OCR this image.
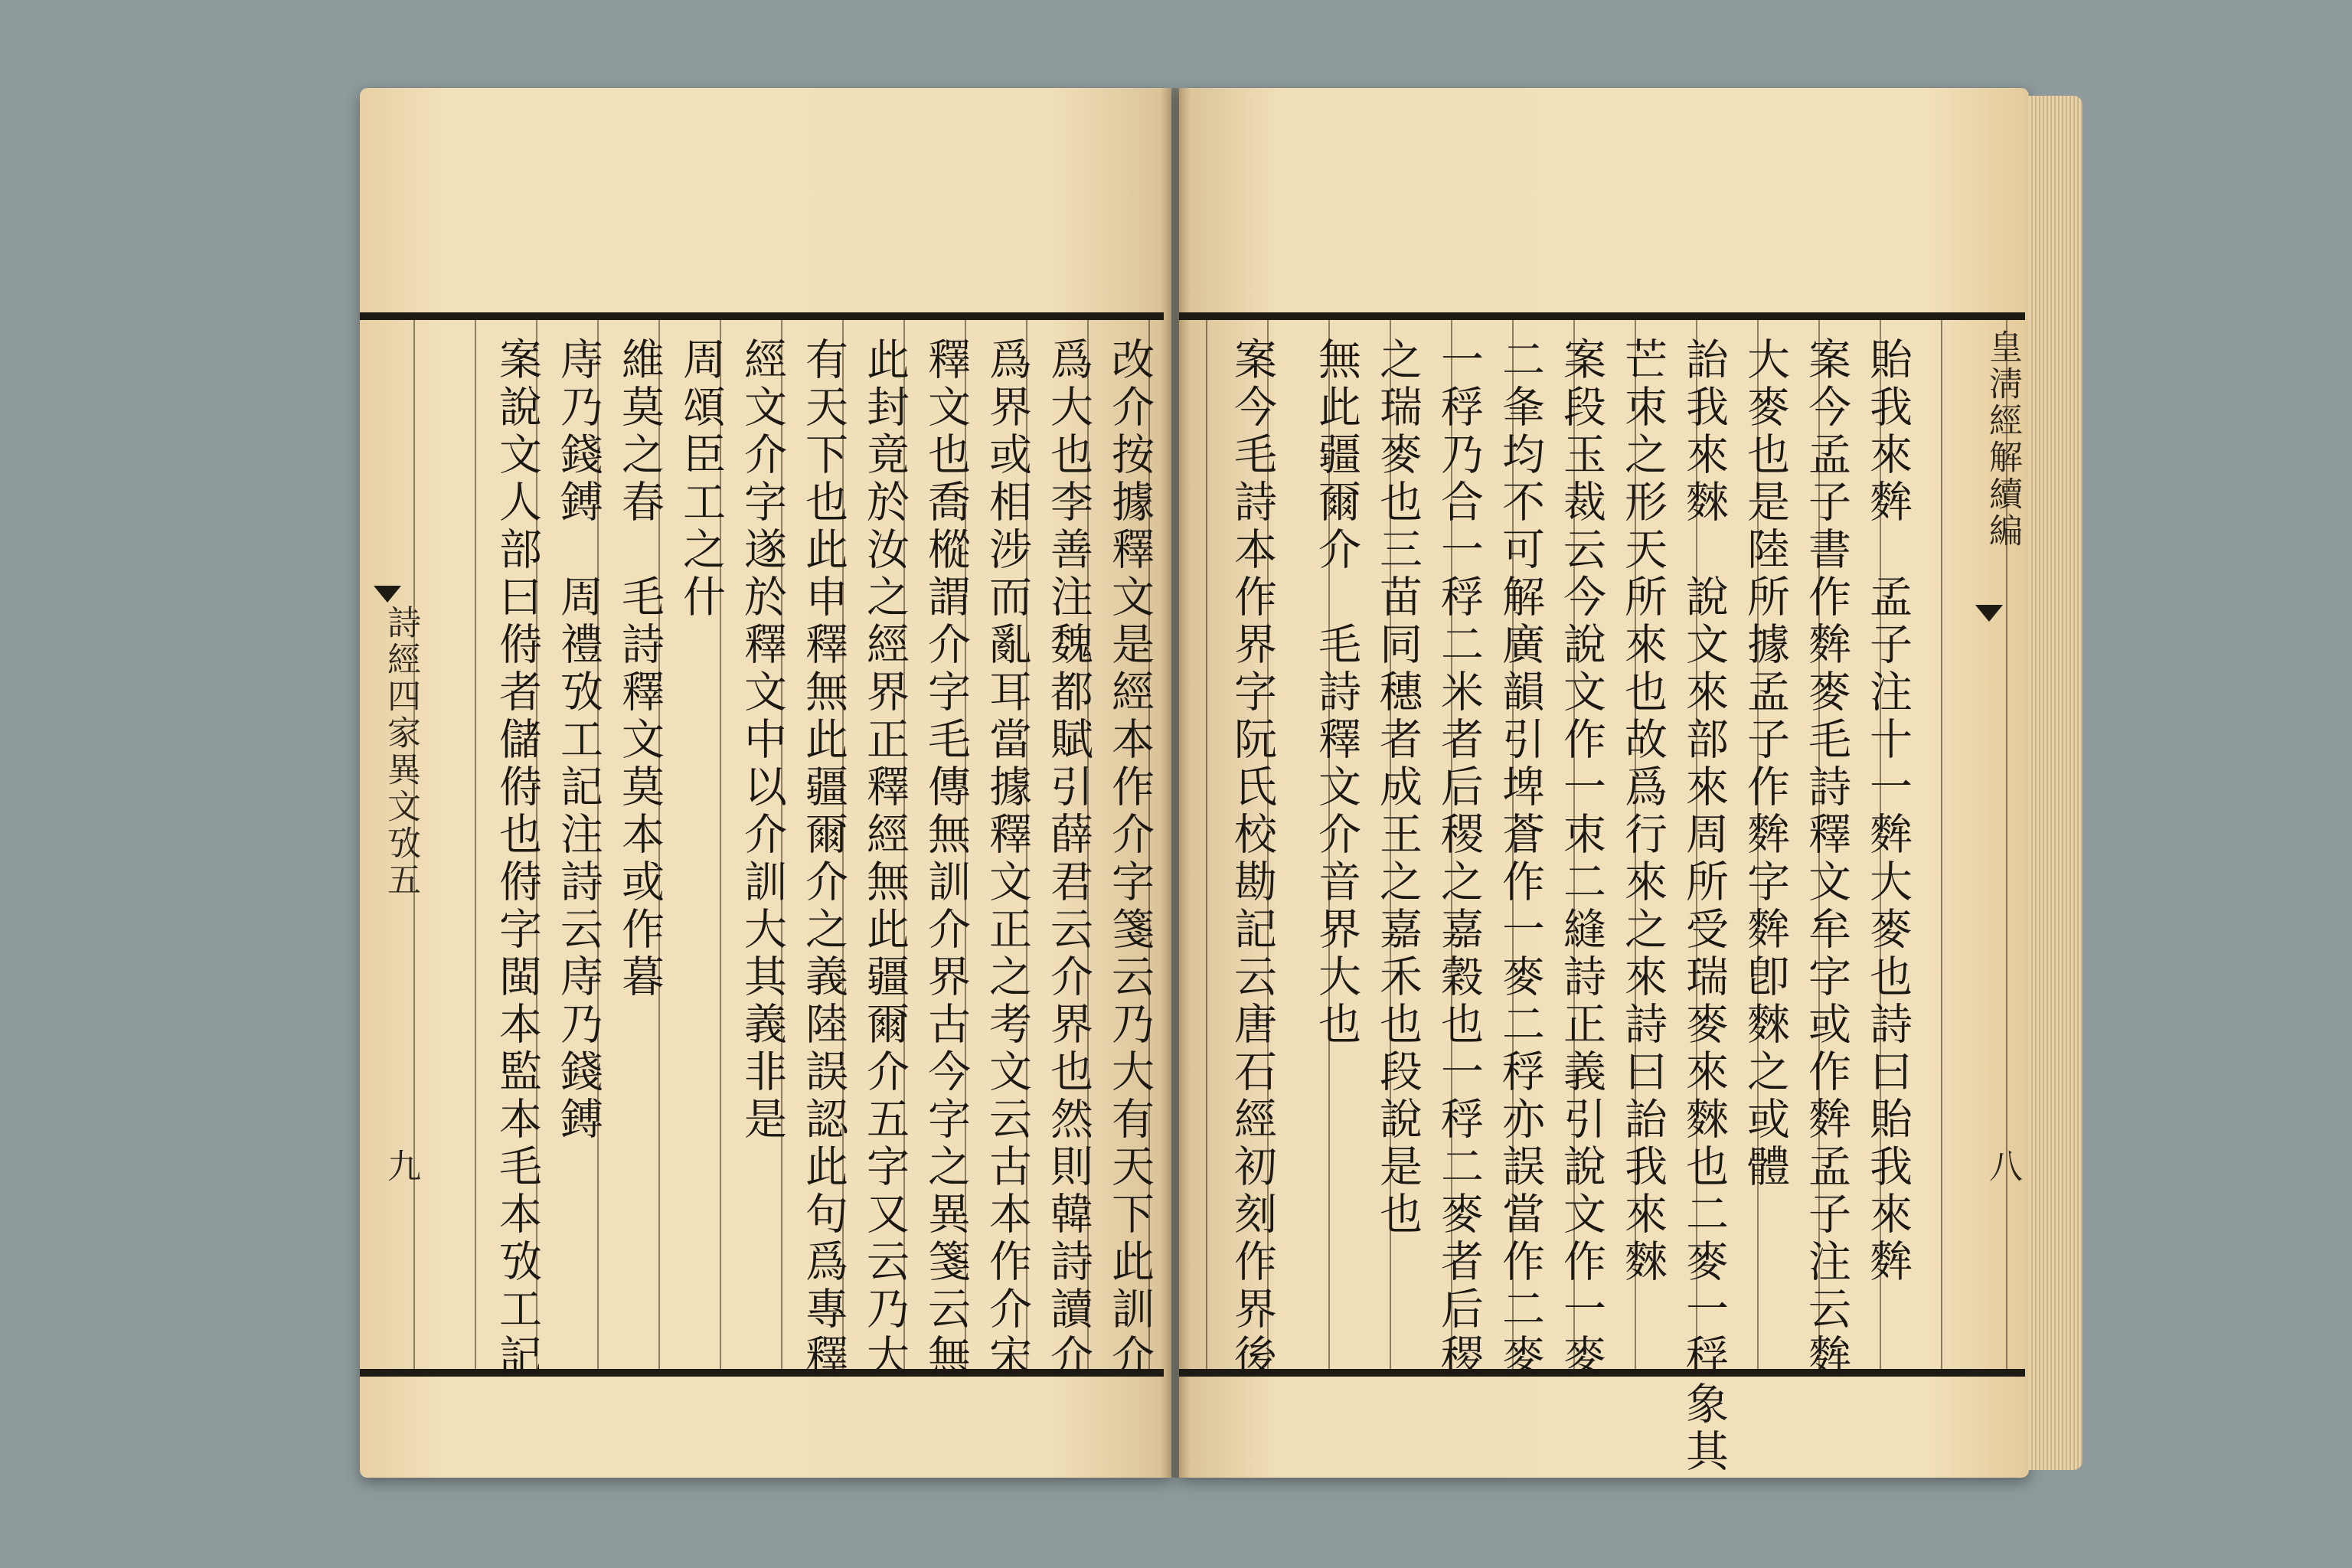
皇淸經解續編
八
貽我來麰　孟子注十一麰大麥也詩曰貽我來麰
案今孟子書作麰麥毛詩釋文牟字或作麰孟子注云麰
大麥也是陸所據孟子作麰字麰卽麳之或體
詒我來麳　說文來部來周所受瑞麥來麳也二麥一稃象其
芒朿之形天所來也故爲行來之來詩曰詒我來麳
案段玉裁云今說文作一朿二縫詩正義引說文作一麥
二夆均不可解廣韻引埤蒼作一麥二稃亦誤當作二麥
一稃乃合一稃二米者后稷之嘉穀也一稃二麥者后稷
之瑞麥也三苗同穗者成王之嘉禾也段說是也
無此疆爾介　毛詩釋文介音界大也
案今毛詩本作界字阮氏校勘記云唐石經初刻作界後
改介按據釋文是經本作介字箋云乃大有天下此訓介
爲大也李善注魏都賦引薛君云介界也然則韓詩讀介
爲界或相涉而亂耳當據釋文正之考文云古本作介宋
釋文也喬樅謂介字毛傳無訓介界古今字之異箋云無
此封竟於汝之經界正釋經無此疆爾介五字又云乃大
有天下也此申釋無此疆爾介之義陸誤認此句爲專釋
經文介字遂於釋文中以介訓大其義非是
周頌臣工之什
維莫之春　毛詩釋文莫本或作暮
庤乃錢鎛　周禮攷工記注詩云庤乃錢鎛
案說文人部曰偫者儲偫也偫字閩本監本毛本攷工記
詩經四家異文攷五
九
